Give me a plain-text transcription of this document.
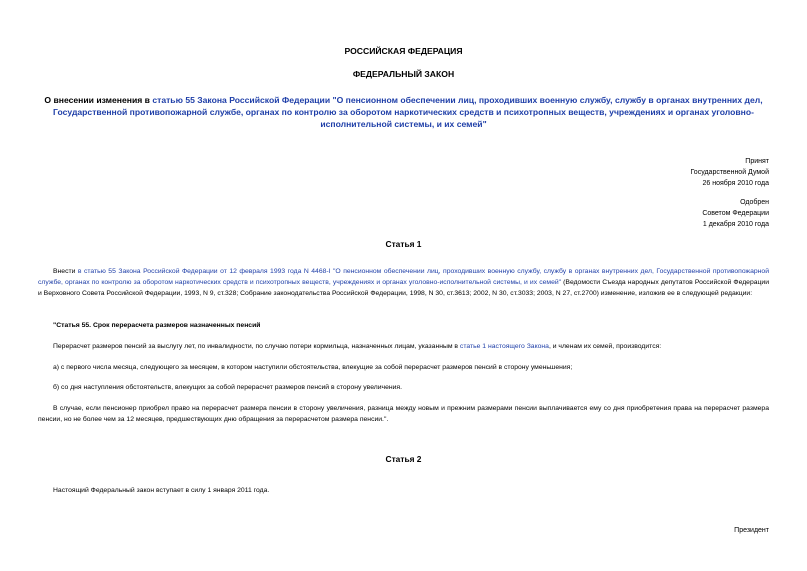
РОССИЙСКАЯ ФЕДЕРАЦИЯ
ФЕДЕРАЛЬНЫЙ ЗАКОН
О внесении изменения в статью 55 Закона Российской Федерации "О пенсионном обеспечении лиц, проходивших военную службу, службу в органах внутренних дел, Государственной противопожарной службе, органах по контролю за оборотом наркотических средств и психотропных веществ, учреждениях и органах уголовно-исполнительной системы, и их семей"
Принят
Государственной Думой
26 ноября 2010 года
Одобрен
Советом Федерации
1 декабря 2010 года
Статья 1
Внести в статью 55 Закона Российской Федерации от 12 февраля 1993 года N 4468-I "О пенсионном обеспечении лиц, проходивших военную службу, службу в органах внутренних дел, Государственной противопожарной службе, органах по контролю за оборотом наркотических средств и психотропных веществ, учреждениях и органах уголовно-исполнительной системы, и их семей" (Ведомости Съезда народных депутатов Российской Федерации и Верховного Совета Российской Федерации, 1993, N 9, ст.328; Собрание законодательства Российской Федерации, 1998, N 30, ст.3613; 2002, N 30, ст.3033; 2003, N 27, ст.2700) изменение, изложив ее в следующей редакции:
"Статья 55. Срок перерасчета размеров назначенных пенсий
Перерасчет размеров пенсий за выслугу лет, по инвалидности, по случаю потери кормильца, назначенных лицам, указанным в статье 1 настоящего Закона, и членам их семей, производится:
а) с первого числа месяца, следующего за месяцем, в котором наступили обстоятельства, влекущие за собой перерасчет размеров пенсий в сторону уменьшения;
б) со дня наступления обстоятельств, влекущих за собой перерасчет размеров пенсий в сторону увеличения.
В случае, если пенсионер приобрел право на перерасчет размера пенсии в сторону увеличения, разница между новым и прежним размерами пенсии выплачивается ему со дня приобретения права на перерасчет размера пенсии, но не более чем за 12 месяцев, предшествующих дню обращения за перерасчетом размера пенсии.".
Статья 2
Настоящий Федеральный закон вступает в силу 1 января 2011 года.
Президент
